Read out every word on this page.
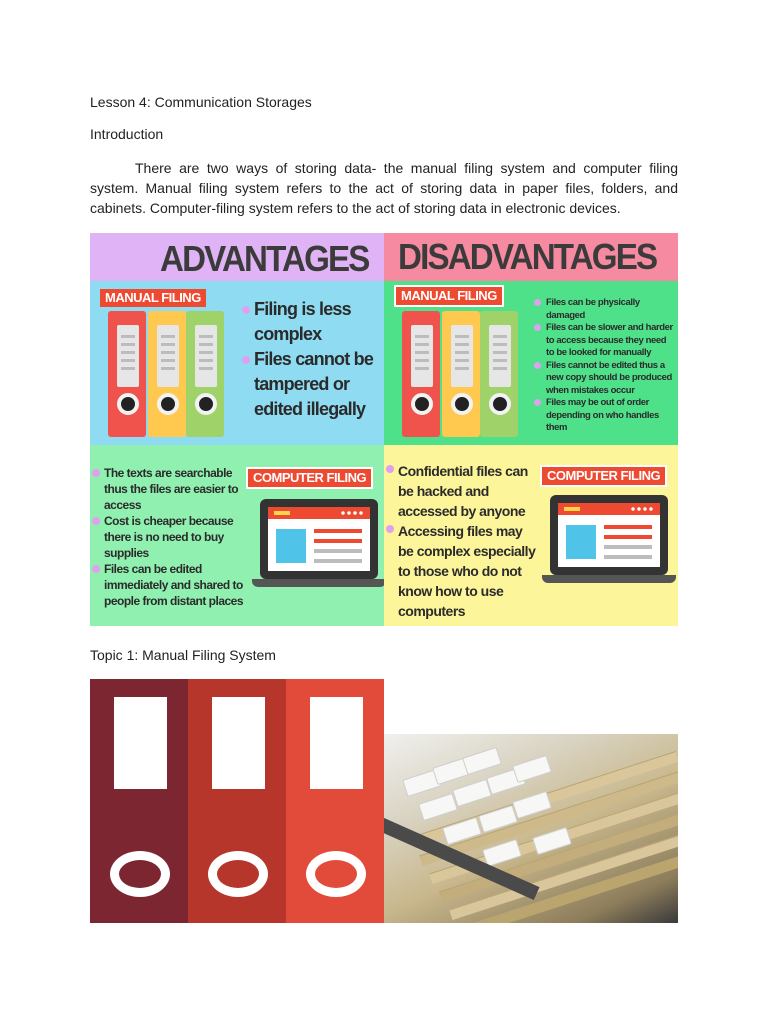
Lesson 4: Communication Storages

Introduction

There are two ways of storing data- the manual filing system and computer filing system. Manual filing system refers to the act of storing data in paper files, folders, and cabinets. Computer-filing system refers to the act of storing data in electronic devices.

ADVANTAGES DISADVANTAGES
MANUAL FILING
Filing is less complex
Files cannot be tampered or edited illegally
MANUAL FILING	Files can be physically damaged
Files can be slower and harder to access because they need to be looked for manually
Files cannot be edited thus a new copy should be produced when mistakes occur
Files may be out of order depending on who handles them
The texts are searchable thus the files are easier to access
Cost is cheaper because there is no need to buy supplies
Files can be edited immediately and shared to people from distant places
COMPUTER FILING	Confidential files can be hacked and accessed by anyone
Accessing files may be complex especially to those who do not know how to use computers
COMPUTER FILING

Topic 1: Manual Filing System
